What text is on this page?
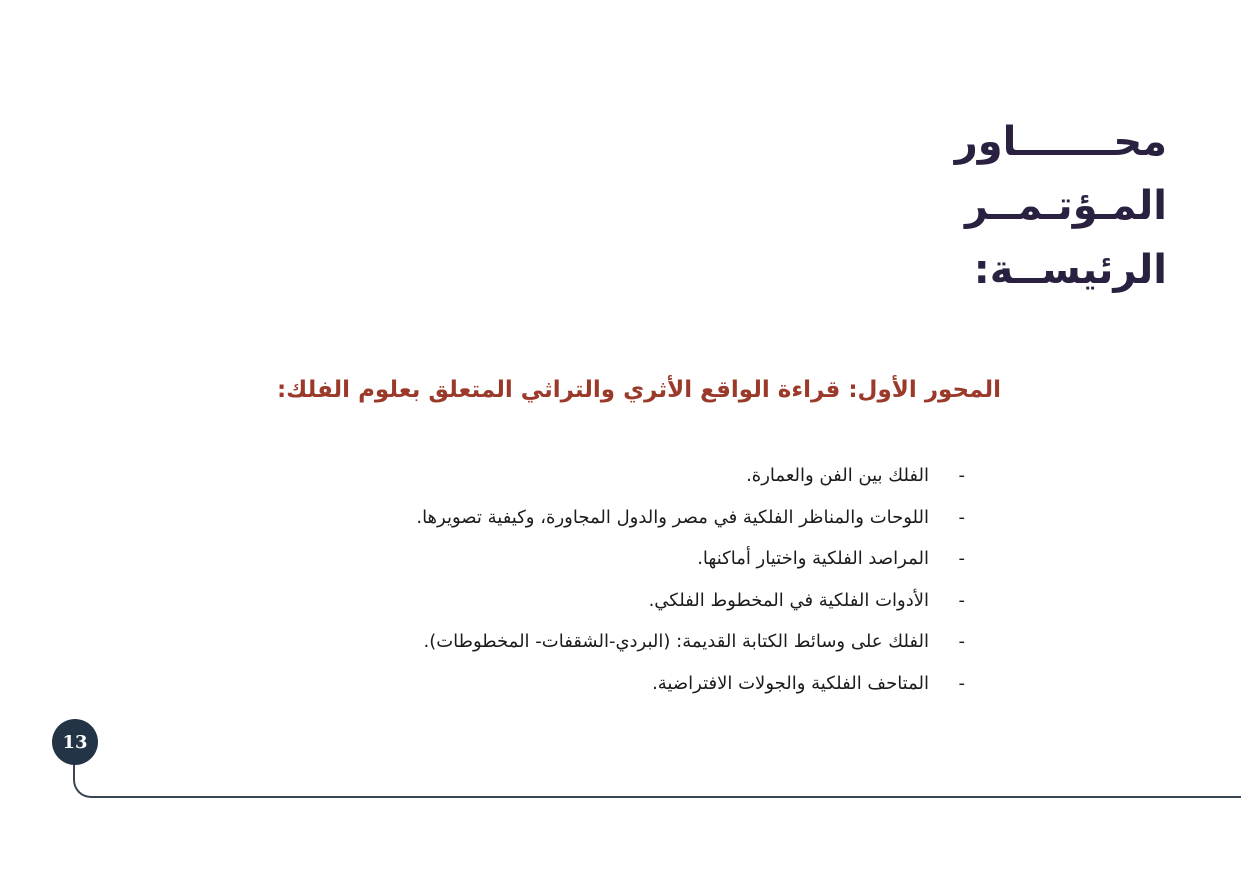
محـــــــاور
المـؤتـمــر
الرئيســة:
المحور الأول: قراءة الواقع الأثري والتراثي المتعلق بعلوم الفلك:
-الفلك بين الفن والعمارة.
-اللوحات والمناظر الفلكية في مصر والدول المجاورة، وكيفية تصويرها.
-المراصد الفلكية واختيار أماكنها.
-الأدوات الفلكية في المخطوط الفلكي.
-الفلك على وسائط الكتابة القديمة: (البردي-الشقفات- المخطوطات).
-المتاحف الفلكية والجولات الافتراضية.
13
